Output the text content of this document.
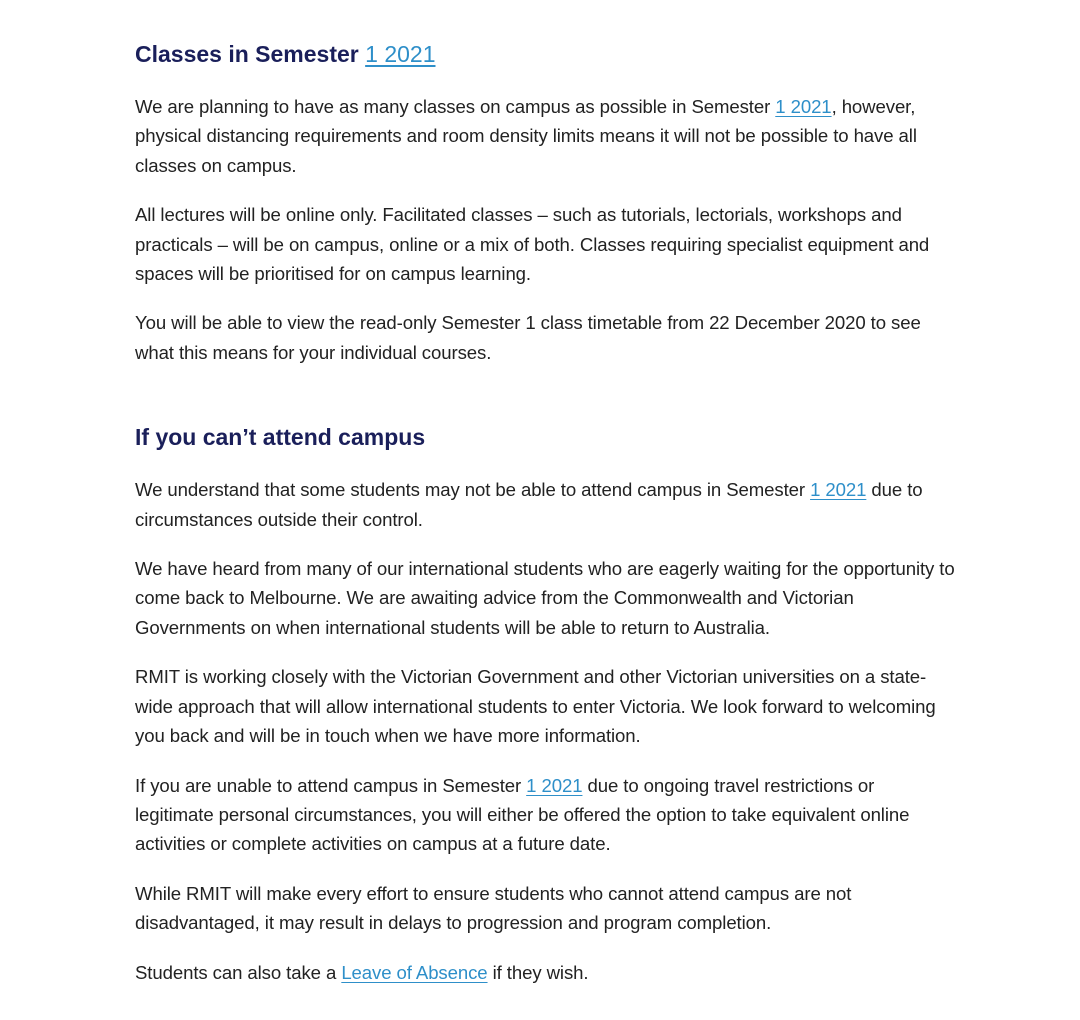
Classes in Semester 1 2021

We are planning to have as many classes on campus as possible in Semester 1 2021, however, physical distancing requirements and room density limits means it will not be possible to have all classes on campus.

All lectures will be online only. Facilitated classes – such as tutorials, lectorials, workshops and practicals – will be on campus, online or a mix of both. Classes requiring specialist equipment and spaces will be prioritised for on campus learning.

You will be able to view the read-only Semester 1 class timetable from 22 December 2020 to see what this means for your individual courses.

If you can’t attend campus

We understand that some students may not be able to attend campus in Semester 1 2021 due to circumstances outside their control.

We have heard from many of our international students who are eagerly waiting for the opportunity to come back to Melbourne. We are awaiting advice from the Commonwealth and Victorian Governments on when international students will be able to return to Australia.

RMIT is working closely with the Victorian Government and other Victorian universities on a state-wide approach that will allow international students to enter Victoria. We look forward to welcoming you back and will be in touch when we have more information.

If you are unable to attend campus in Semester 1 2021 due to ongoing travel restrictions or legitimate personal circumstances, you will either be offered the option to take equivalent online activities or complete activities on campus at a future date.

While RMIT will make every effort to ensure students who cannot attend campus are not disadvantaged, it may result in delays to progression and program completion.

Students can also take a Leave of Absence if they wish.
